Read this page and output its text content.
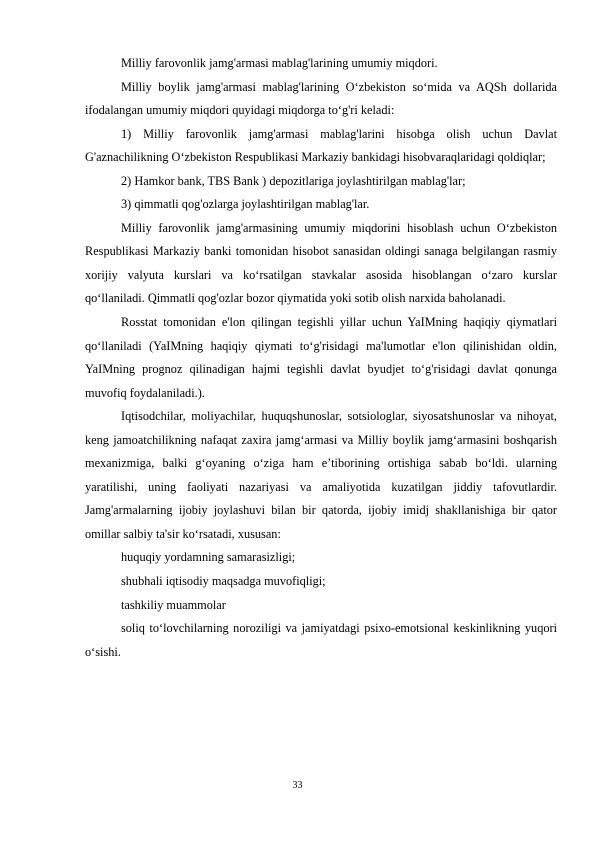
Milliy farovonlik jamg'armasi mablag'larining umumiy miqdori.

Milliy boylik jamg'armasi mablag'larining O‘zbekiston so‘mida va AQSh dollarida ifodalangan umumiy miqdori quyidagi miqdorga to‘g'ri keladi:

1) Milliy farovonlik jamg'armasi mablag'larini hisobga olish uchun Davlat G'aznachilikning O‘zbekiston Respublikasi Markaziy bankidagi hisobvaraqlaridagi qoldiqlar;

2) Hamkor bank, TBS Bank ) depozitlariga joylashtirilgan mablag'lar;

3) qimmatli qog'ozlarga joylashtirilgan mablag'lar.

Milliy farovonlik jamg'armasining umumiy miqdorini hisoblash uchun O‘zbekiston Respublikasi Markaziy banki tomonidan hisobot sanasidan oldingi sanaga belgilangan rasmiy xorijiy valyuta kurslari va ko‘rsatilgan stavkalar asosida hisoblangan o‘zaro kurslar qo‘llaniladi. Qimmatli qog'ozlar bozor qiymatida yoki sotib olish narxida baholanadi.

Rosstat tomonidan e'lon qilingan tegishli yillar uchun YaIMning haqiqiy qiymatlari qo‘llaniladi (YaIMning haqiqiy qiymati to‘g'risidagi ma'lumotlar e'lon qilinishidan oldin, YaIMning prognoz qilinadigan hajmi tegishli davlat byudjet to‘g'risidagi davlat qonunga muvofiq foydalaniladi.).

Iqtisodchilar, moliyachilar, huquqshunoslar, sotsiologlar, siyosatshunoslar va nihoyat, keng jamoatchilikning nafaqat zaxira jamg‘armasi va Milliy boylik jamg‘armasini boshqarish mexanizmiga, balki g‘oyaning o‘ziga ham e’tiborining ortishiga sabab bo‘ldi. ularning yaratilishi, uning faoliyati nazariyasi va amaliyotida kuzatilgan jiddiy tafovutlardir. Jamg'armalarning ijobiy joylashuvi bilan bir qatorda, ijobiy imidj shakllanishiga bir qator omillar salbiy ta'sir ko‘rsatadi, xususan:

huquqiy yordamning samarasizligi;

shubhali iqtisodiy maqsadga muvofiqligi;

tashkiliy muammolar

soliq to‘lovchilarning noroziligi va jamiyatdagi psixo-emotsional keskinlikning yuqori o‘sishi.

33
